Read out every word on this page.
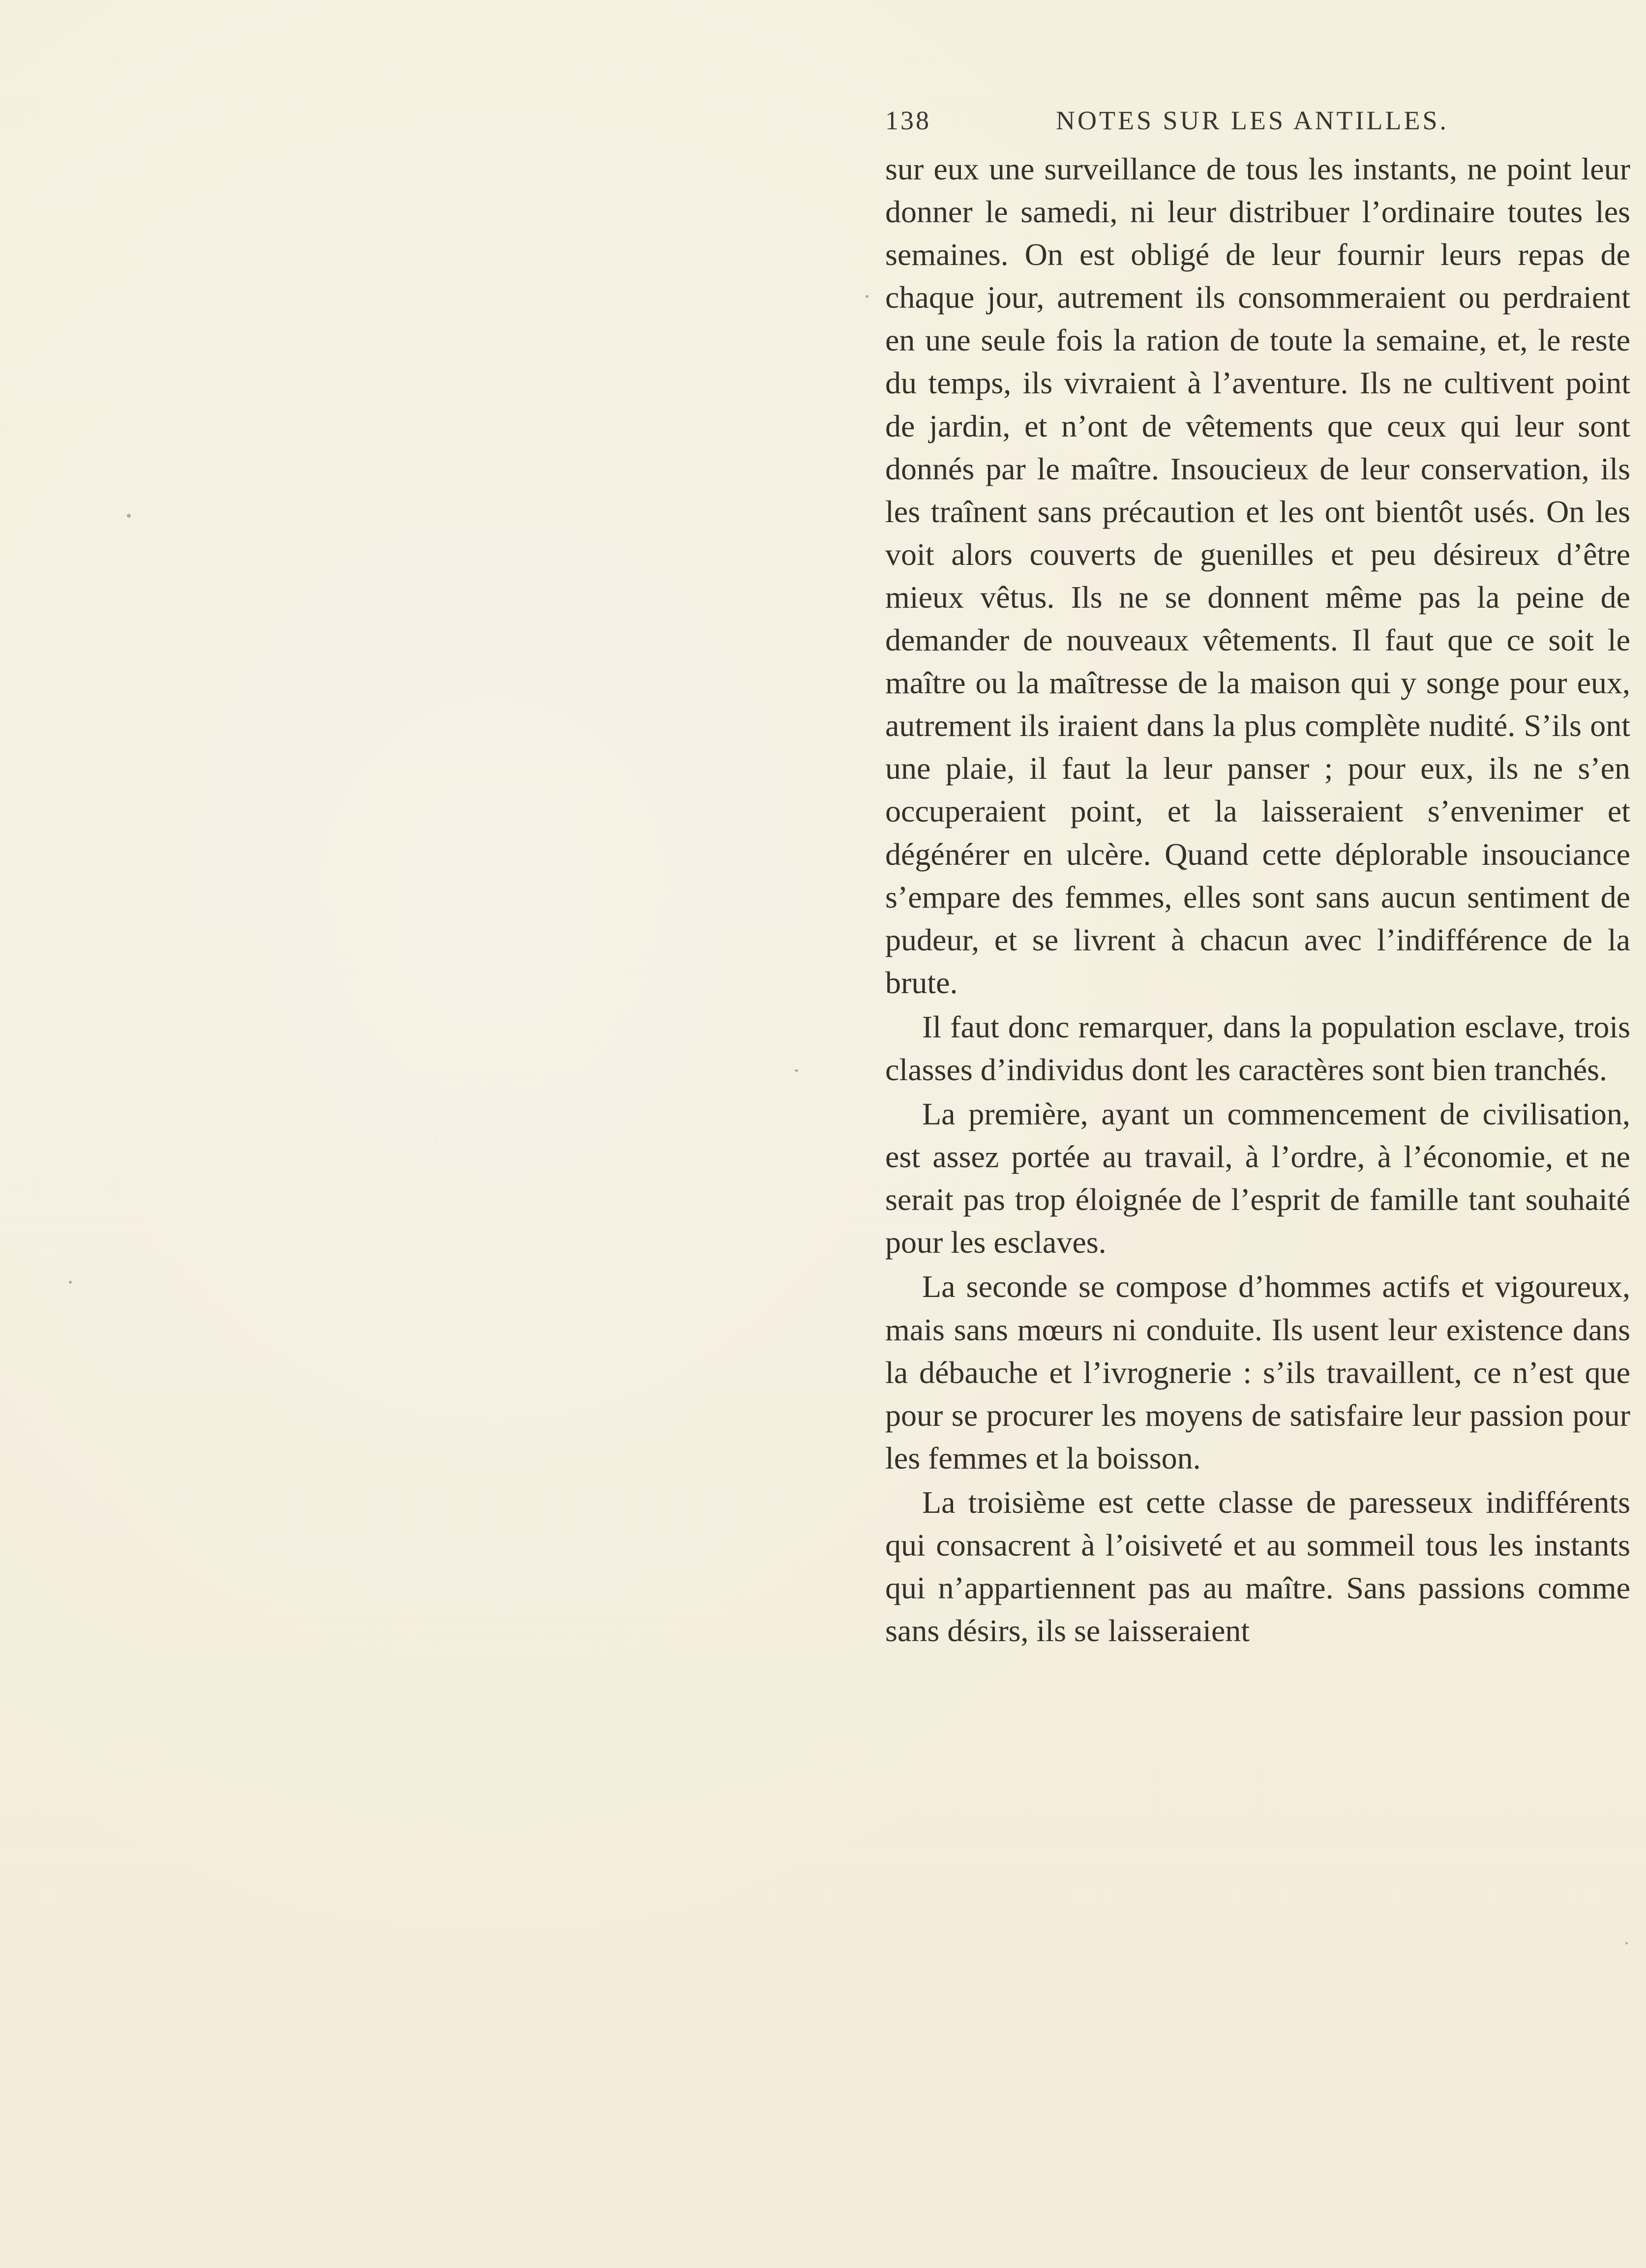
138	NOTES SUR LES ANTILLES.

sur eux une surveillance de tous les instants, ne point leur donner le samedi, ni leur distribuer l’ordinaire toutes les semaines. On est obligé de leur fournir leurs repas de chaque jour, autrement ils consommeraient ou perdraient en une seule fois la ration de toute la semaine, et, le reste du temps, ils vivraient à l’aventure. Ils ne cultivent point de jardin, et n’ont de vêtements que ceux qui leur sont donnés par le maître. Insoucieux de leur conservation, ils les traînent sans précaution et les ont bientôt usés. On les voit alors couverts de guenilles et peu désireux d’être mieux vêtus. Ils ne se donnent même pas la peine de demander de nouveaux vêtements. Il faut que ce soit le maître ou la maîtresse de la maison qui y songe pour eux, autrement ils iraient dans la plus complète nudité. S’ils ont une plaie, il faut la leur panser ; pour eux, ils ne s’en occuperaient point, et la laisseraient s’envenimer et dégénérer en ulcère. Quand cette déplorable insouciance s’empare des femmes, elles sont sans aucun sentiment de pudeur, et se livrent à chacun avec l’indifférence de la brute.

Il faut donc remarquer, dans la population esclave, trois classes d’individus dont les caractères sont bien tranchés.

La première, ayant un commencement de civilisation, est assez portée au travail, à l’ordre, à l’économie, et ne serait pas trop éloignée de l’esprit de famille tant souhaité pour les esclaves.

La seconde se compose d’hommes actifs et vigoureux, mais sans mœurs ni conduite. Ils usent leur existence dans la débauche et l’ivrognerie : s’ils travaillent, ce n’est que pour se procurer les moyens de satisfaire leur passion pour les femmes et la boisson.

La troisième est cette classe de paresseux indifférents qui consacrent à l’oisiveté et au sommeil tous les instants qui n’appartiennent pas au maître. Sans passions comme sans désirs, ils se laisseraient
